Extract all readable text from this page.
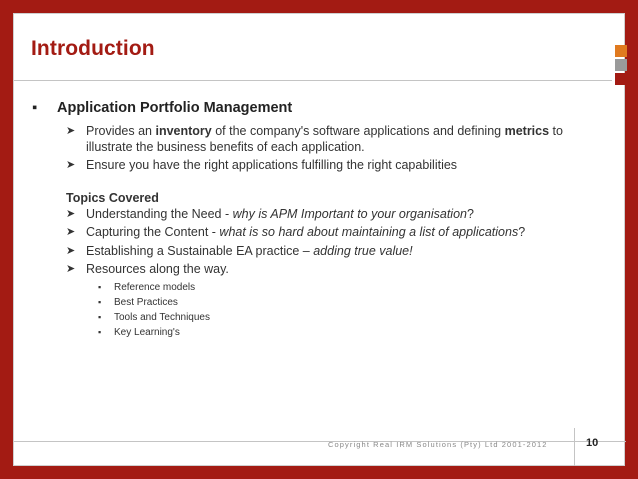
Introduction
▪ Application Portfolio Management
➤ Provides an inventory of the company's software applications and defining metrics to
illustrate the business benefits of each application.
➤ Ensure you have the right applications fulfilling the right capabilities
Topics Covered
➤ Understanding the Need - why is APM Important to your organisation?
➤ Capturing the Content - what is so hard about maintaining a list of applications?
➤ Establishing a Sustainable EA practice – adding true value!
➤ Resources along the way.
▪ Reference models
▪ Best Practices
▪ Tools and Techniques
▪ Key Learning's
Copyright Real IRM Solutions (Pty) Ltd 2001-2012	10
